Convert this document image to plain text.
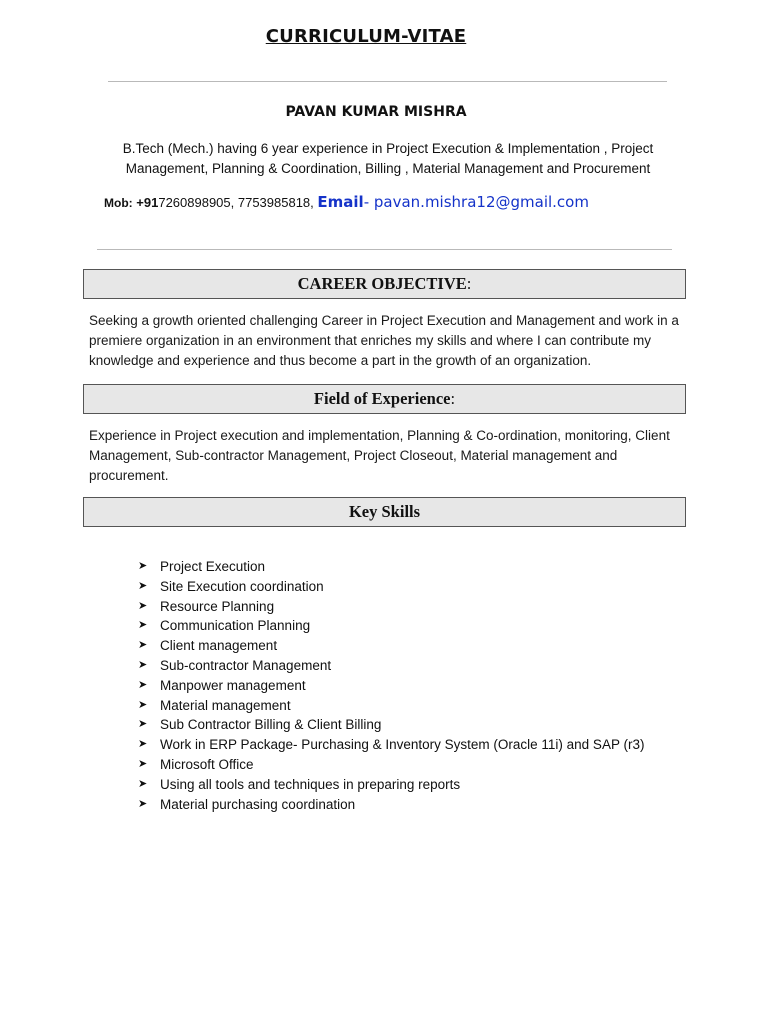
CURRICULUM-VITAE
PAVAN KUMAR MISHRA
B.Tech (Mech.) having 6 year experience in Project Execution & Implementation , Project Management, Planning & Coordination, Billing , Material Management and Procurement
Mob: +917260898905, 7753985818, Email- pavan.mishra12@gmail.com
CAREER OBJECTIVE:
Seeking a growth oriented challenging Career in Project Execution and Management and work in a premiere organization in an environment that enriches my skills and where I can contribute my knowledge and experience and thus become a part in the growth of an organization.
Field of Experience:
Experience in Project execution and implementation, Planning & Co-ordination, monitoring, Client Management, Sub-contractor Management, Project Closeout, Material management and procurement.
Key Skills
➤ Project Execution
➤ Site Execution coordination
➤ Resource Planning
➤ Communication Planning
➤ Client management
➤ Sub-contractor Management
➤ Manpower management
➤ Material management
➤ Sub Contractor Billing & Client Billing
➤ Work in ERP Package- Purchasing & Inventory System (Oracle 11i) and SAP (r3)
➤ Microsoft Office
➤ Using all tools and techniques in preparing reports
➤ Material purchasing coordination
